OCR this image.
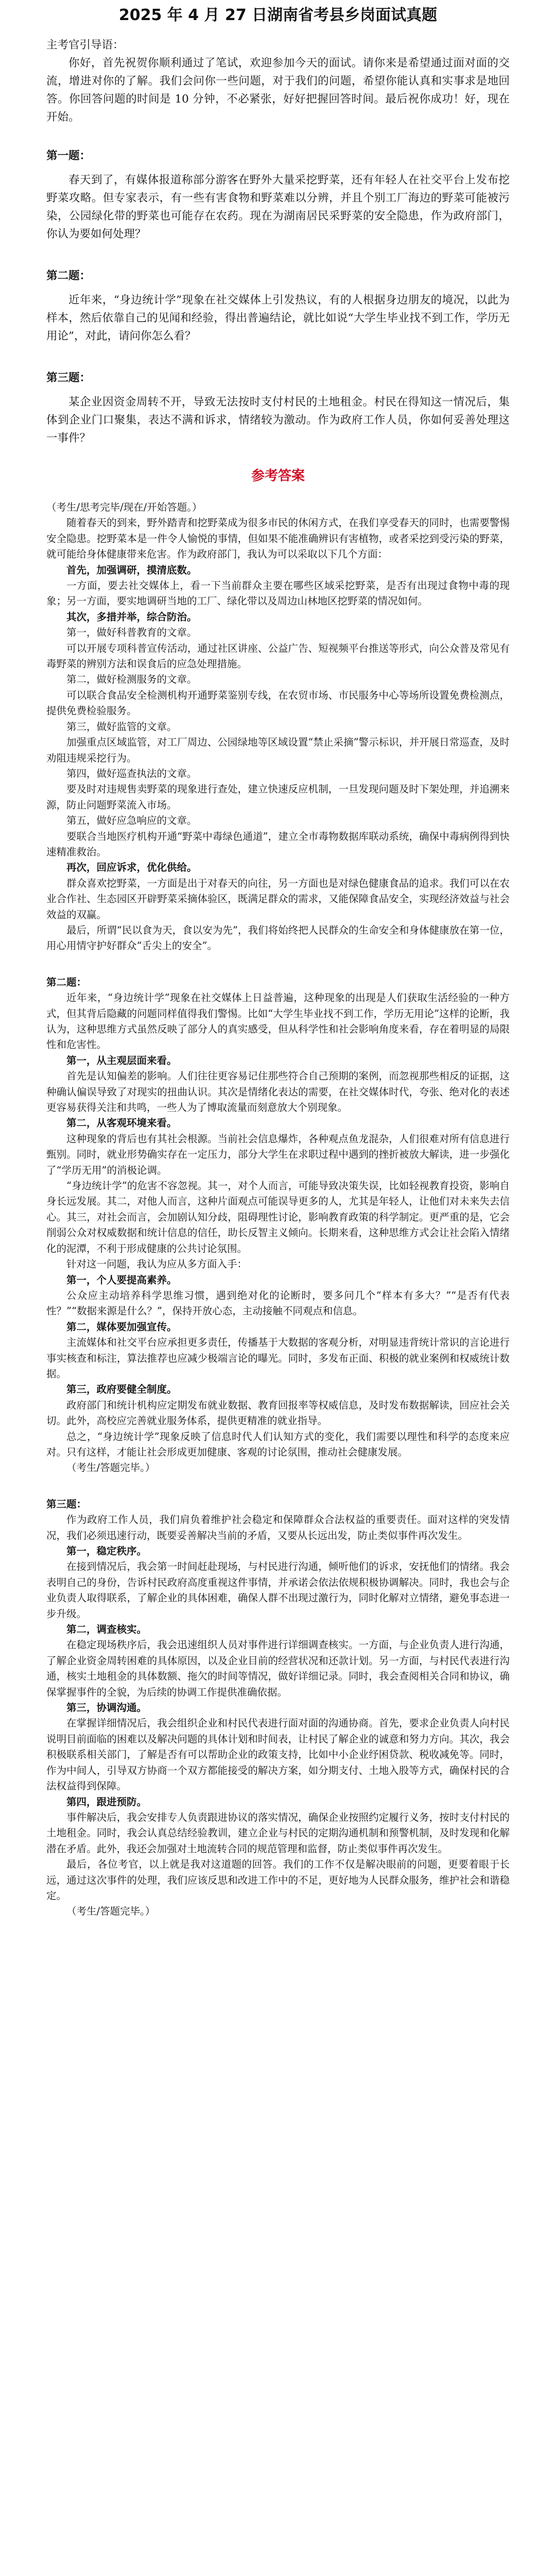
2025 年 4 月 27 日湖南省考县乡岗面试真题

主考官引导语：

你好，首先祝贺你顺利通过了笔试，欢迎参加今天的面试。请你来是希望通过面对面的交流，增进对你的了解。我们会问你一些问题，对于我们的问题，希望你能认真和实事求是地回答。你回答问题的时间是 10 分钟，不必紧张，好好把握回答时间。最后祝你成功！好，现在开始。

第一题：

春天到了，有媒体报道称部分游客在野外大量采挖野菜，还有年轻人在社交平台上发布挖野菜攻略。但专家表示，有一些有害食物和野菜难以分辨，并且个别工厂海边的野菜可能被污染，公园绿化带的野菜也可能存在农药。现在为湖南居民采野菜的安全隐患，作为政府部门，你认为要如何处理？

第二题：

近年来，“身边统计学”现象在社交媒体上引发热议，有的人根据身边朋友的境况，以此为样本，然后依靠自己的见闻和经验，得出普遍结论，就比如说“大学生毕业找不到工作，学历无用论”，对此，请问你怎么看？

第三题：

某企业因资金周转不开，导致无法按时支付村民的土地租金。村民在得知这一情况后，集体到企业门口聚集，表达不满和诉求，情绪较为激动。作为政府工作人员，你如何妥善处理这一事件？

参考答案

（考生/思考完毕/现在/开始答题。）

随着春天的到来，野外踏青和挖野菜成为很多市民的休闲方式，在我们享受春天的同时，也需要警惕安全隐患。挖野菜本是一件令人愉悦的事情，但如果不能准确辨识有害植物，或者采挖到受污染的野菜，就可能给身体健康带来危害。作为政府部门，我认为可以采取以下几个方面：

首先，加强调研，摸清底数。

一方面，要去社交媒体上，看一下当前群众主要在哪些区域采挖野菜，是否有出现过食物中毒的现象；另一方面，要实地调研当地的工厂、绿化带以及周边山林地区挖野菜的情况如何。

其次，多措并举，综合防治。

第一，做好科普教育的文章。

可以开展专项科普宣传活动，通过社区讲座、公益广告、短视频平台推送等形式，向公众普及常见有毒野菜的辨别方法和误食后的应急处理措施。

第二，做好检测服务的文章。

可以联合食品安全检测机构开通野菜鉴别专线，在农贸市场、市民服务中心等场所设置免费检测点，提供免费检验服务。

第三，做好监管的文章。

加强重点区域监管，对工厂周边、公园绿地等区域设置“禁止采摘”警示标识，并开展日常巡查，及时劝阻违规采挖行为。

第四，做好巡查执法的文章。

要及时对违规售卖野菜的现象进行查处，建立快速反应机制，一旦发现问题及时下架处理，并追溯来源，防止问题野菜流入市场。

第五，做好应急响应的文章。

要联合当地医疗机构开通“野菜中毒绿色通道”，建立全市毒物数据库联动系统，确保中毒病例得到快速精准救治。

再次，回应诉求，优化供给。

群众喜欢挖野菜，一方面是出于对春天的向往，另一方面也是对绿色健康食品的追求。我们可以在农业合作社、生态园区开辟野菜采摘体验区，既满足群众的需求，又能保障食品安全，实现经济效益与社会效益的双赢。

最后，所谓“民以食为天，食以安为先”，我们将始终把人民群众的生命安全和身体健康放在第一位，用心用情守护好群众“舌尖上的安全”。

第二题：

近年来，“身边统计学”现象在社交媒体上日益普遍，这种现象的出现是人们获取生活经验的一种方式，但其背后隐藏的问题同样值得我们警惕。比如“大学生毕业找不到工作，学历无用论”这样的论断，我认为，这种思维方式虽然反映了部分人的真实感受，但从科学性和社会影响角度来看，存在着明显的局限性和危害性。

第一，从主观层面来看。

首先是认知偏差的影响。人们往往更容易记住那些符合自己预期的案例，而忽视那些相反的证据，这种确认偏误导致了对现实的扭曲认识。其次是情绪化表达的需要，在社交媒体时代，夸张、绝对化的表述更容易获得关注和共鸣，一些人为了博取流量而刻意放大个别现象。

第二，从客观环境来看。

这种现象的背后也有其社会根源。当前社会信息爆炸，各种观点鱼龙混杂，人们很难对所有信息进行甄别。同时，就业形势确实存在一定压力，部分大学生在求职过程中遇到的挫折被放大解读，进一步强化了“学历无用”的消极论调。

“身边统计学”的危害不容忽视。其一，对个人而言，可能导致决策失误，比如轻视教育投资，影响自身长远发展。其二，对他人而言，这种片面观点可能误导更多的人，尤其是年轻人，让他们对未来失去信心。其三，对社会而言，会加剧认知分歧，阻碍理性讨论，影响教育政策的科学制定。更严重的是，它会削弱公众对权威数据和统计信息的信任，助长反智主义倾向。长期来看，这种思维方式会让社会陷入情绪化的泥潭，不利于形成健康的公共讨论氛围。

针对这一问题，我认为应从多方面入手：

第一，个人要提高素养。

公众应主动培养科学思维习惯，遇到绝对化的论断时，要多问几个“样本有多大？”“是否有代表性？”“数据来源是什么？”，保持开放心态，主动接触不同观点和信息。

第二，媒体要加强宣传。

主流媒体和社交平台应承担更多责任，传播基于大数据的客观分析，对明显违背统计常识的言论进行事实核查和标注，算法推荐也应减少极端言论的曝光。同时，多发布正面、积极的就业案例和权威统计数据。

第三，政府要健全制度。

政府部门和统计机构应定期发布就业数据、教育回报率等权威信息，及时发布数据解读，回应社会关切。此外，高校应完善就业服务体系，提供更精准的就业指导。

总之，“身边统计学”现象反映了信息时代人们认知方式的变化，我们需要以理性和科学的态度来应对。只有这样，才能让社会形成更加健康、客观的讨论氛围，推动社会健康发展。

（考生/答题完毕。）

第三题：

作为政府工作人员，我们肩负着维护社会稳定和保障群众合法权益的重要责任。面对这样的突发情况，我们必须迅速行动，既要妥善解决当前的矛盾，又要从长远出发，防止类似事件再次发生。

第一，稳定秩序。

在接到情况后，我会第一时间赶赴现场，与村民进行沟通，倾听他们的诉求，安抚他们的情绪。我会表明自己的身份，告诉村民政府高度重视这件事情，并承诺会依法依规积极协调解决。同时，我也会与企业负责人取得联系，了解企业的具体困难，确保人群不出现过激行为，同时化解对立情绪，避免事态进一步升级。

第二，调查核实。

在稳定现场秩序后，我会迅速组织人员对事件进行详细调查核实。一方面，与企业负责人进行沟通，了解企业资金周转困难的具体原因，以及企业目前的经营状况和还款计划。另一方面，与村民代表进行沟通，核实土地租金的具体数额、拖欠的时间等情况，做好详细记录。同时，我会查阅相关合同和协议，确保掌握事件的全貌，为后续的协调工作提供准确依据。

第三，协调沟通。

在掌握详细情况后，我会组织企业和村民代表进行面对面的沟通协商。首先，要求企业负责人向村民说明目前面临的困难以及解决问题的具体计划和时间表，让村民了解企业的诚意和努力方向。其次，我会积极联系相关部门，了解是否有可以帮助企业的政策支持，比如中小企业纾困贷款、税收减免等。同时，作为中间人，引导双方协商一个双方都能接受的解决方案，如分期支付、土地入股等方式，确保村民的合法权益得到保障。

第四，跟进预防。

事件解决后，我会安排专人负责跟进协议的落实情况，确保企业按照约定履行义务，按时支付村民的土地租金。同时，我会认真总结经验教训，建立企业与村民的定期沟通机制和预警机制，及时发现和化解潜在矛盾。此外，我还会加强对土地流转合同的规范管理和监督，防止类似事件再次发生。

最后，各位考官，以上就是我对这道题的回答。我们的工作不仅是解决眼前的问题，更要着眼于长远，通过这次事件的处理，我们应该反思和改进工作中的不足，更好地为人民群众服务，维护社会和谐稳定。

（考生/答题完毕。）
